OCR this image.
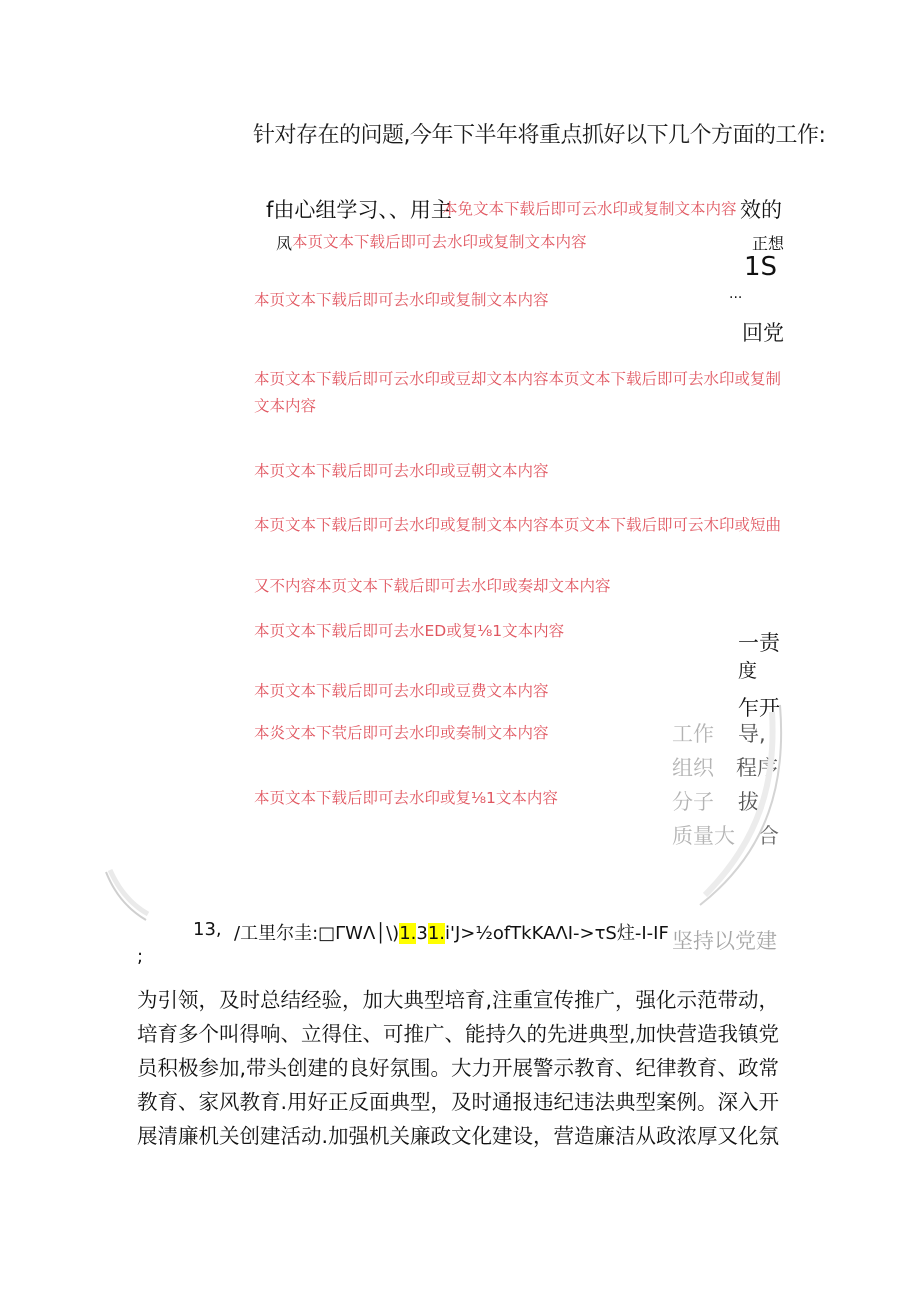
针对存在的问题,今年下半年将重点抓好以下几个方面的工作:
f由心组学习、、用主
本免文本下载后即可云水印或复制文本内容 效的
凤 本页文本下载后即可去水印或复制文本内容	正想
1S
本页文本下载后即可去水印或复制文本内容	...
回党
本页文本下载后即可云水印或豆却文本内容本页文本下载后即可去水印或复制
文本内容
本页文本下载后即可去水印或豆朝文本内容
本页文本下载后即可去水印或复制文本内容本页文本下载后即可云木印或短曲
又不内容本页文本下载后即可去水印或奏却文本内容
本页文本下载后即可去水ED或复⅛1文本内容
本页文本下载后即可去水印或豆费文本内容
本炎文本下茕后即可去水印或奏制文本内容
本页文本下载后即可去水印或复⅛1文本内容
一责
度
乍开
工作 导,
组织 程序
分子 拔,
质量大 合
13, /工里尔圭:□ΓWΛ│\)1.31.i'J>½ofTkKAΛI->τS炷-I-IF 坚持以党建
;

为引领，及时总结经验，加大典型培育,注重宣传推广，强化示范带动，

培育多个叫得响、立得住、可推广、能持久的先进典型,加快营造我镇党

员积极参加,带头创建的良好氛围。大力开展警示教育、纪律教育、政常

教育、家风教育.用好正反面典型，及时通报违纪违法典型案例。深入开

展清廉机关创建活动.加强机关廉政文化建设，营造廉洁从政浓厚又化氛
